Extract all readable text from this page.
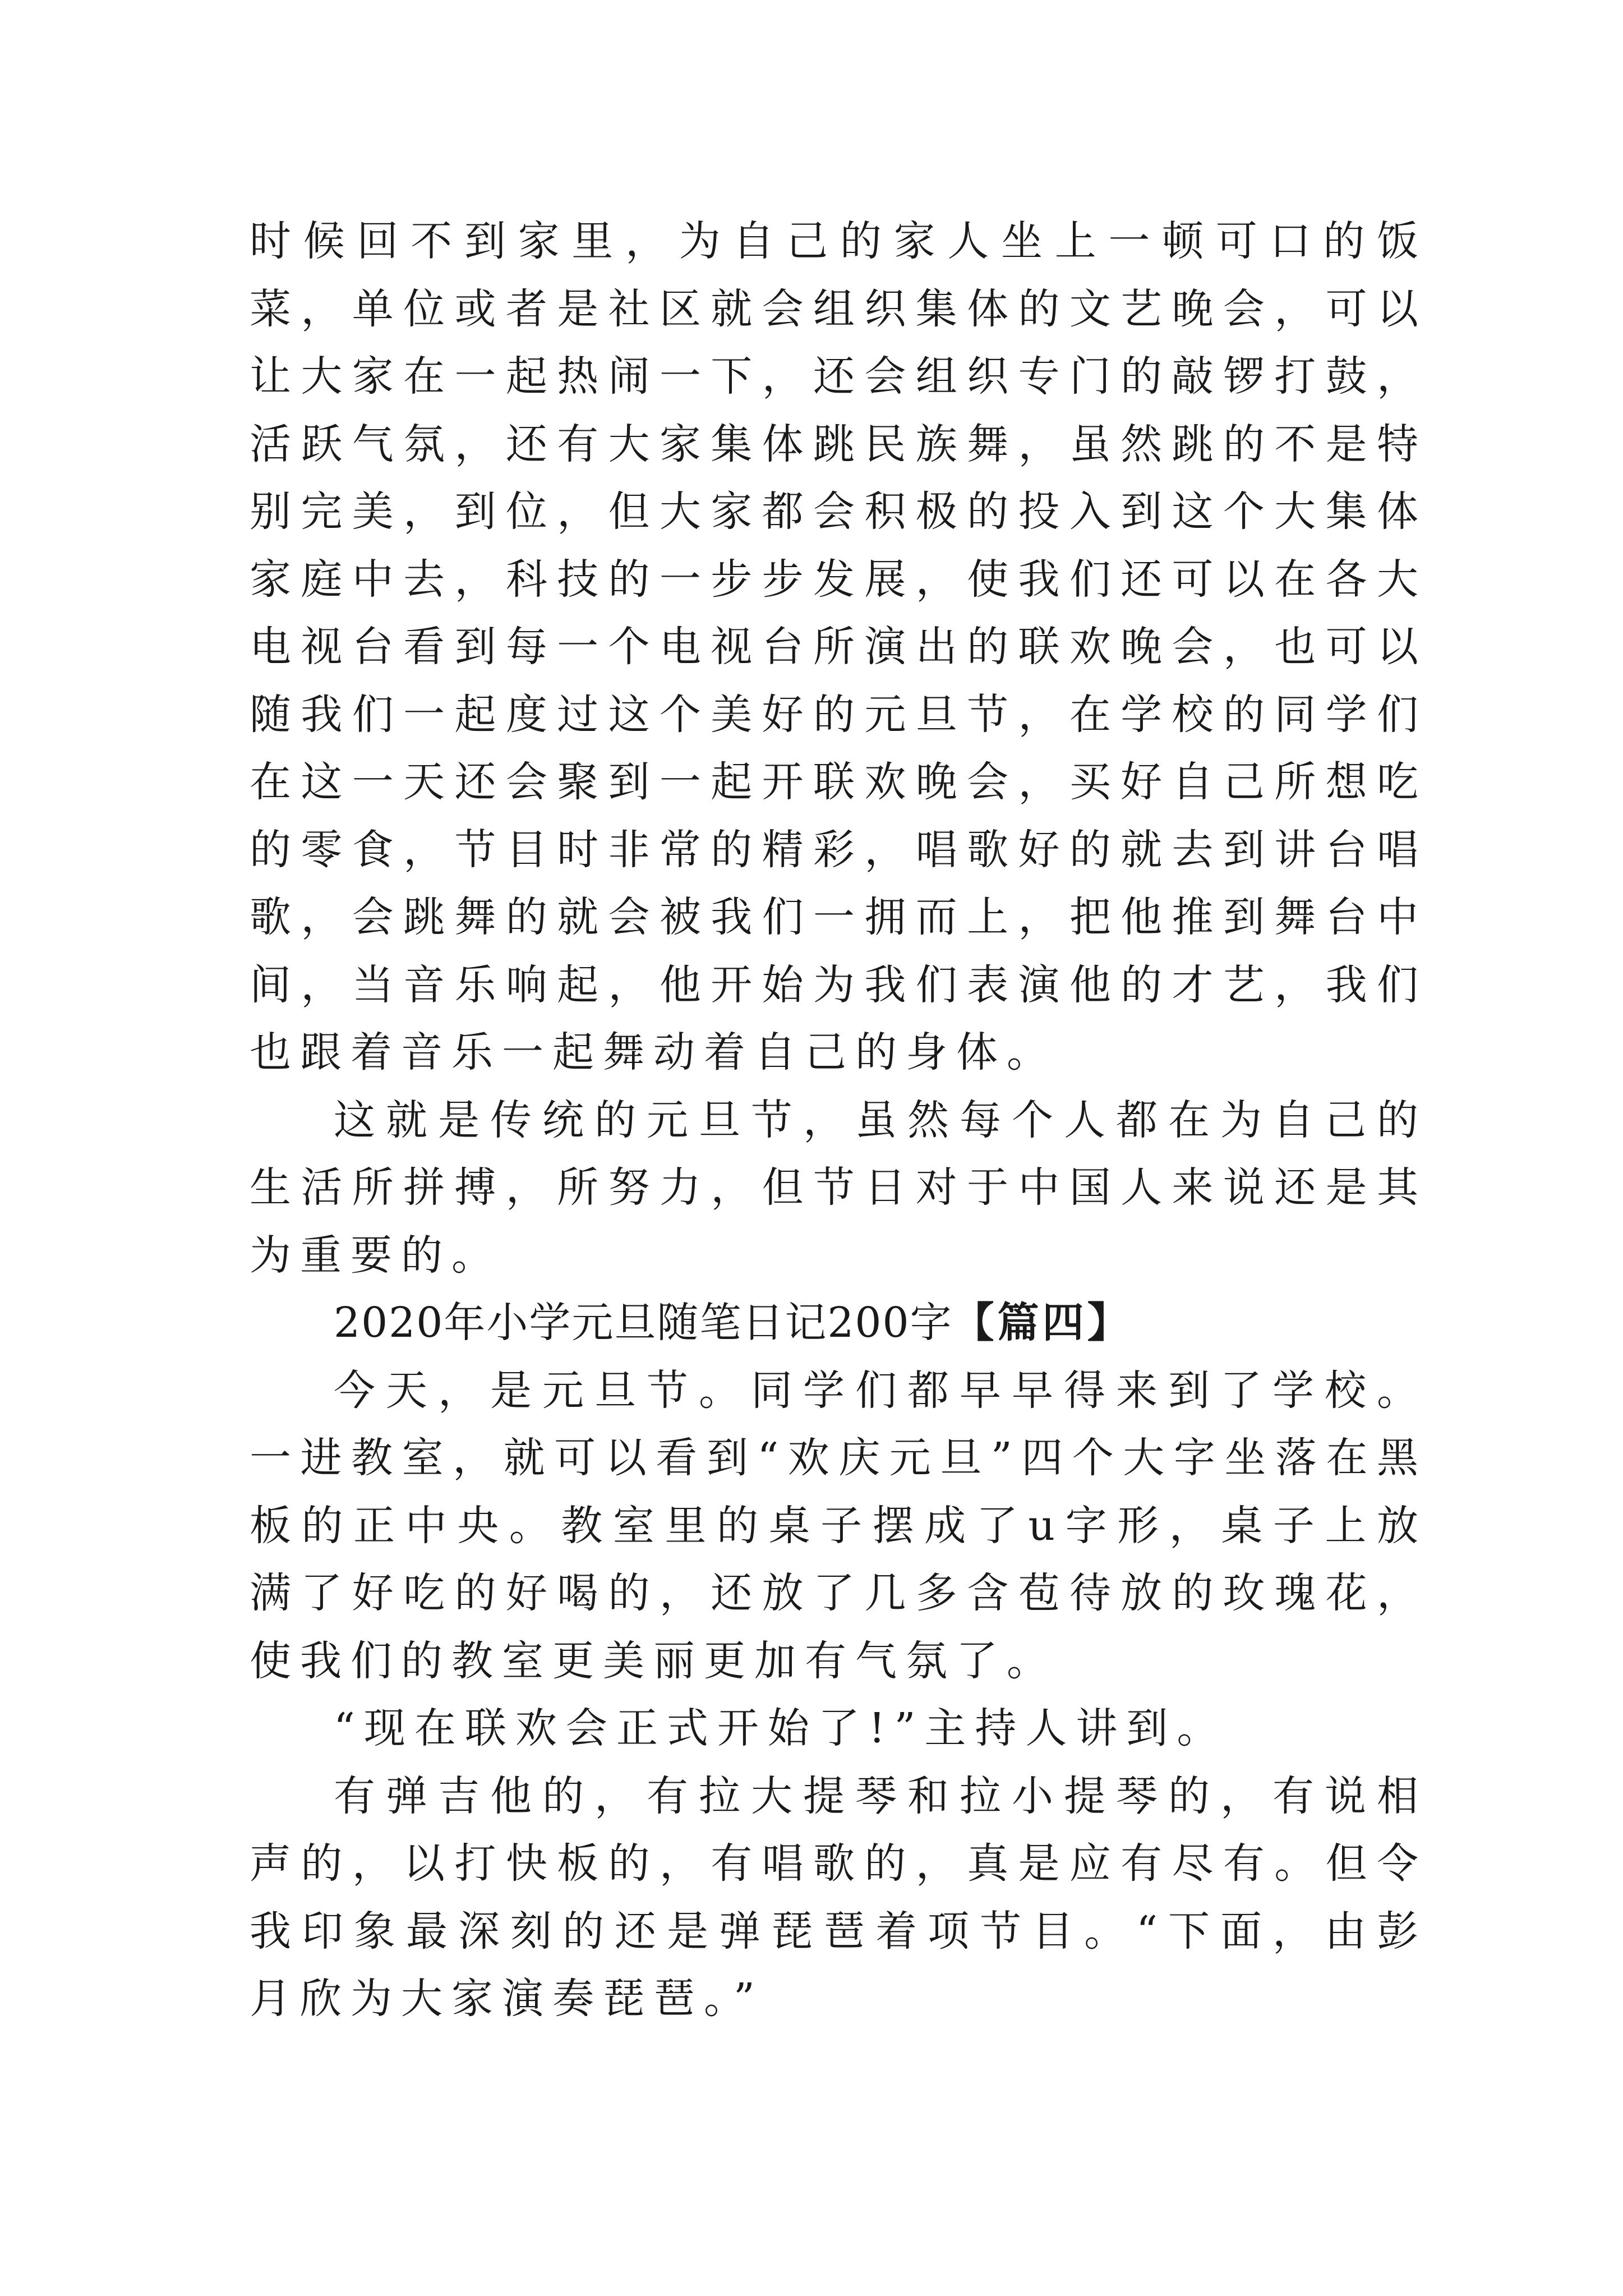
时候回不到家里，为自己的家人坐上一顿可口的饭菜，单位或者是社区就会组织集体的文艺晚会，可以让大家在一起热闹一下，还会组织专门的敲锣打鼓，活跃气氛，还有大家集体跳民族舞，虽然跳的不是特别完美，到位，但大家都会积极的投入到这个大集体家庭中去，科技的一步步发展，使我们还可以在各大电视台看到每一个电视台所演出的联欢晚会，也可以随我们一起度过这个美好的元旦节，在学校的同学们在这一天还会聚到一起开联欢晚会，买好自己所想吃的零食，节目时非常的精彩，唱歌好的就去到讲台唱歌，会跳舞的就会被我们一拥而上，把他推到舞台中间，当音乐响起，他开始为我们表演他的才艺，我们也跟着音乐一起舞动着自己的身体。

这就是传统的元旦节，虽然每个人都在为自己的生活所拼搏，所努力，但节日对于中国人来说还是其为重要的。

2020年小学元旦随笔日记200字【篇四】

今天，是元旦节。同学们都早早得来到了学校。一进教室，就可以看到“欢庆元旦”四个大字坐落在黑板的正中央。教室里的桌子摆成了u字形，桌子上放满了好吃的好喝的，还放了几多含苞待放的玫瑰花，使我们的教室更美丽更加有气氛了。

“现在联欢会正式开始了!”主持人讲到。

有弹吉他的，有拉大提琴和拉小提琴的，有说相声的，以打快板的，有唱歌的，真是应有尽有。但令我印象最深刻的还是弹琵琶着项节目。“下面，由彭月欣为大家演奏琵琶。”
